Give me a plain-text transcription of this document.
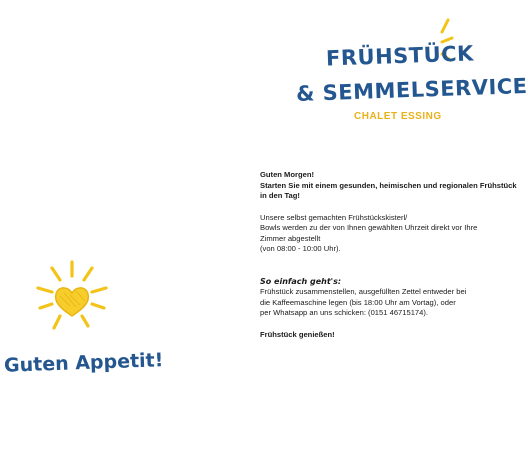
FRÜHSTÜCK
& SEMMELSERVICE
CHALET ESSING
Guten Appetit!
Guten Morgen!
Starten Sie mit einem gesunden, heimischen und regionalen Frühstück
in den Tag!
Unsere selbst gemachten Frühstückskisterl/
Bowls werden zu der von Ihnen gewählten Uhrzeit direkt vor Ihre
Zimmer abgestellt
(von 08:00 - 10:00 Uhr).
So einfach geht's:
Frühstück zusammenstellen, ausgefüllten Zettel entweder bei
die Kaffeemaschine legen (bis 18:00 Uhr am Vortag), oder
per Whatsapp an uns schicken: (0151 46715174).
Frühstück genießen!
